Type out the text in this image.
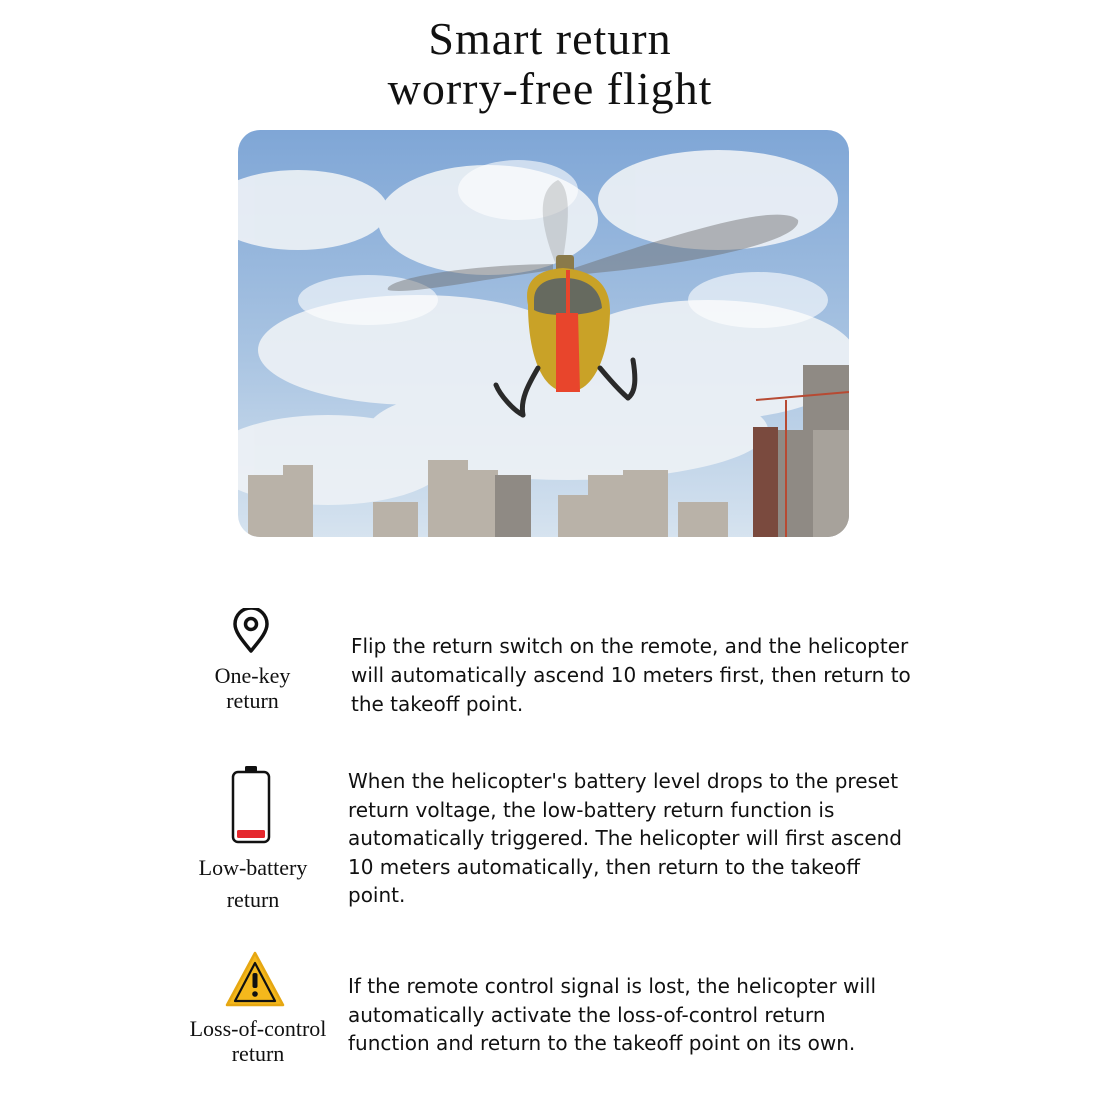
Smart return
worry-free flight
One-key
return
Flip the return switch on the remote, and the helicopter will automatically ascend 10 meters first, then return to the takeoff point.
Low-battery
return
When the helicopter's battery level drops to the preset return voltage, the low-battery return function is automatically triggered. The helicopter will first ascend 10 meters automatically, then return to the takeoff point.
Loss-of-control
return
If the remote control signal is lost, the helicopter will automatically activate the loss-of-control return function and return to the takeoff point on its own.
